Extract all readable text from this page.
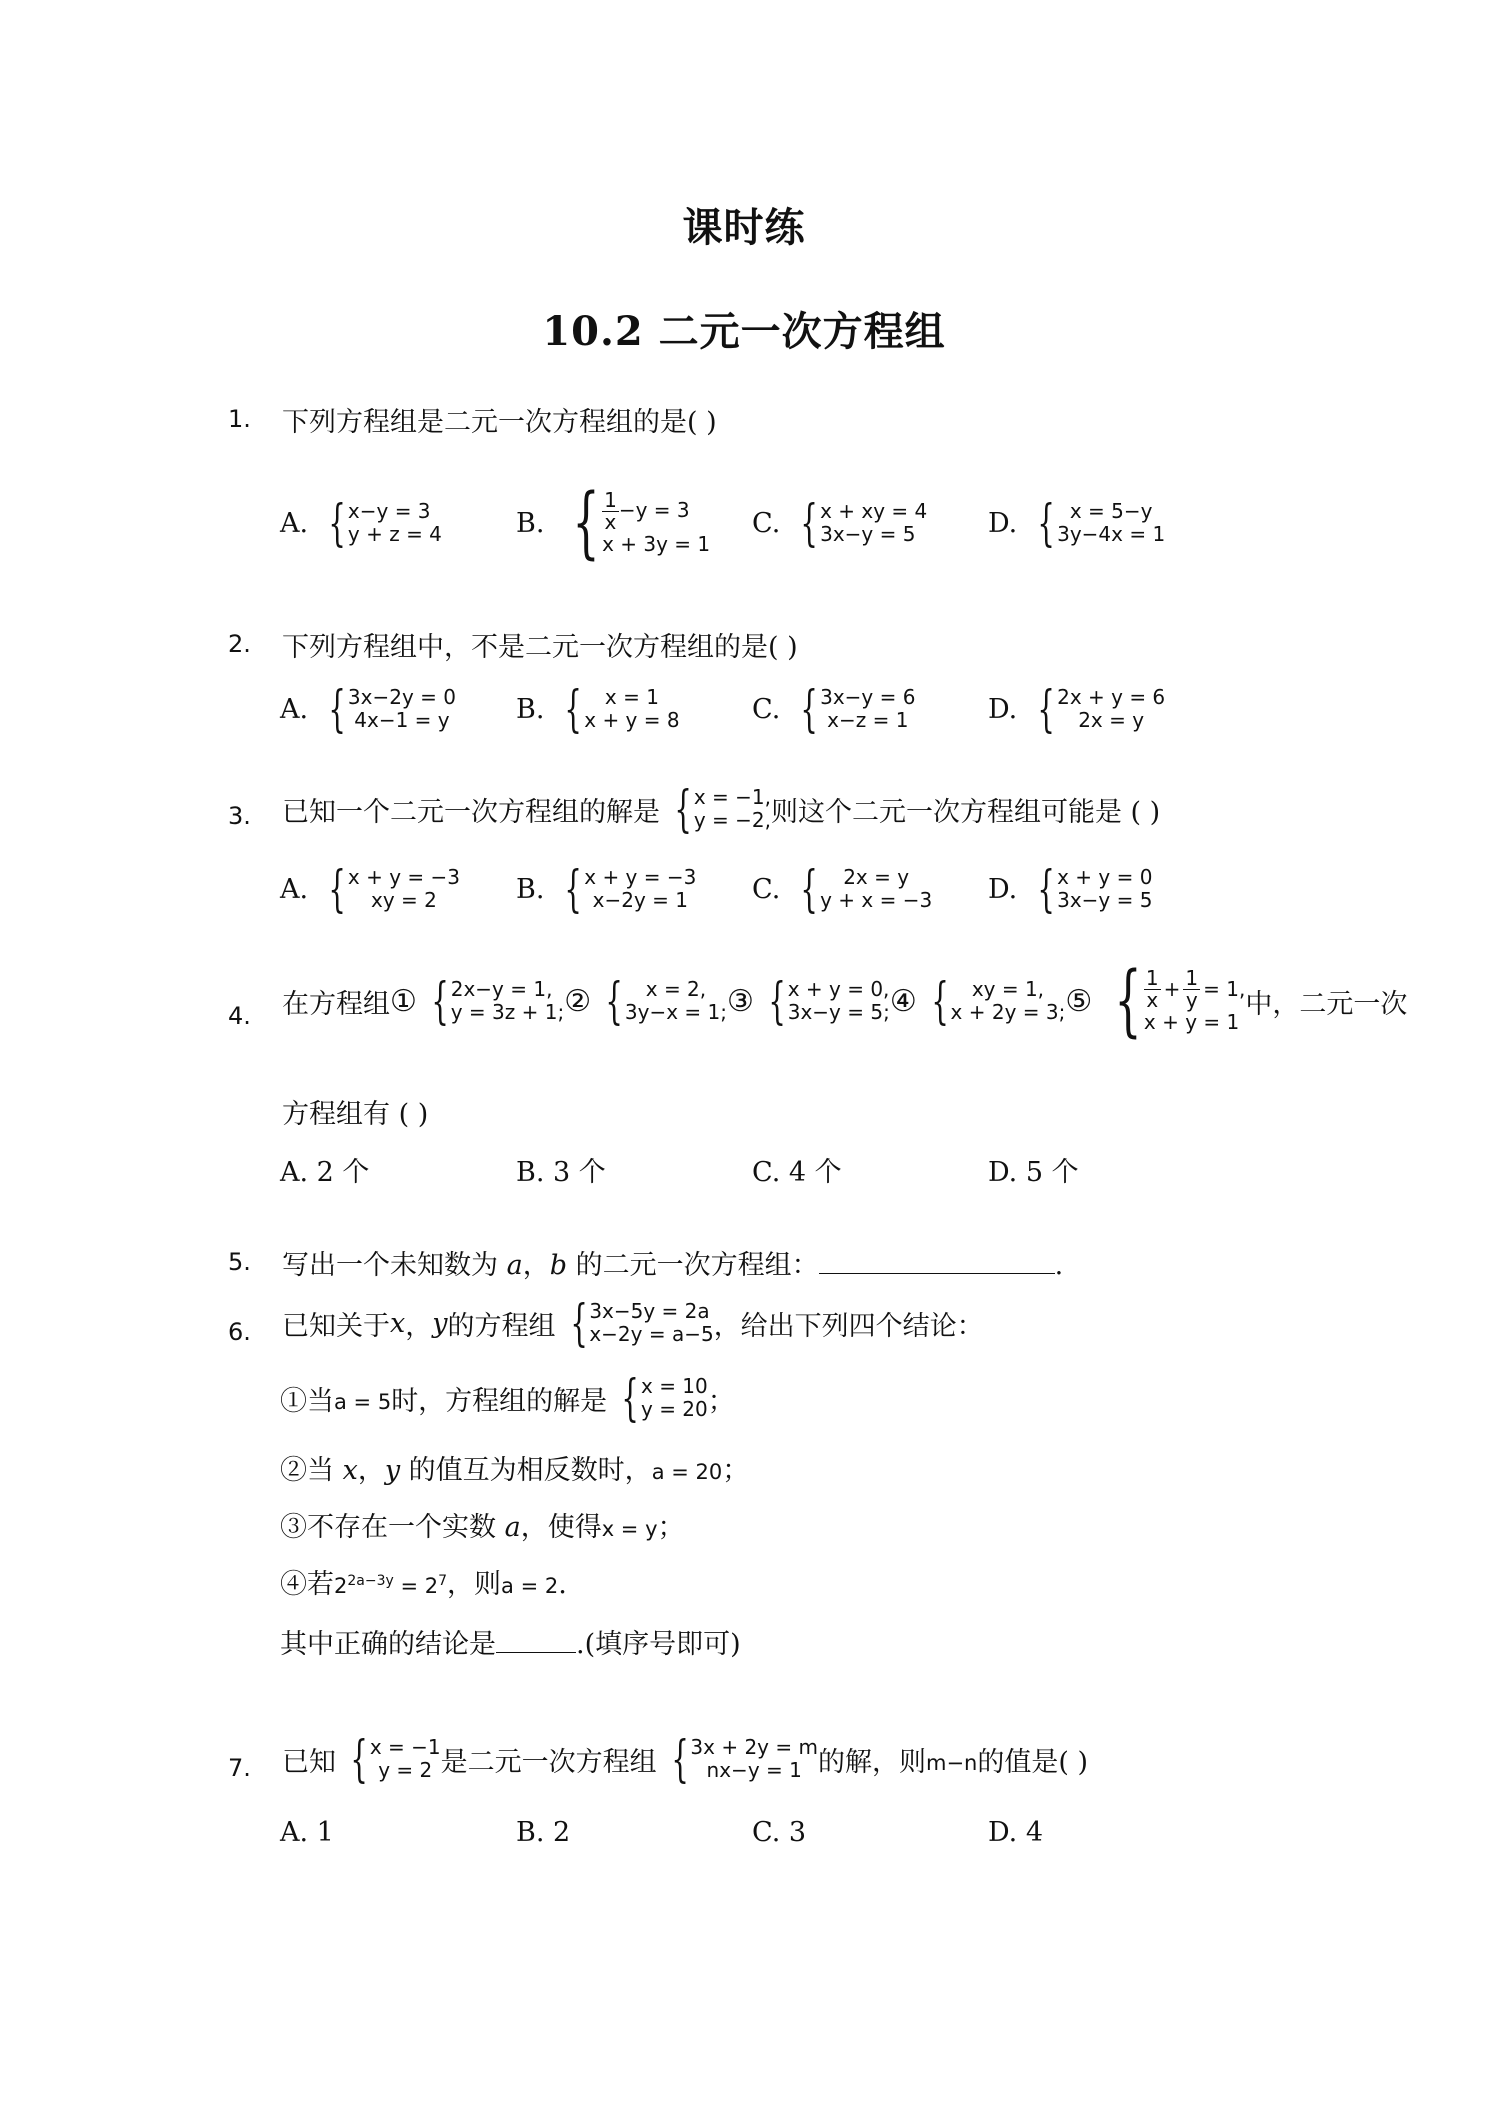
课时练
10.2 二元一次方程组
1. 下列方程组是二元一次方程组的是( )
A. { x−y = 3
y + z = 4	B. { $\frac{1}{x} -y = 3$
x + 3y = 1
C. { x + xy = 4
3x−y = 5	D. { x = 5−y
3y−4x = 1
2. 下列方程组中，不是二元一次方程组的是( )
A. { 3x−2y = 0
4x−1 = y B. { x = 1
x + y = 8	C. { 3x−y = 6
x−z = 1	D. { 2x + y = 6
2x = y
3. 已知一个二元一次方程组的解是 { x = −1,
y = −2, 则这个二元一次方程组可能是 ( )
A. { x + y = −3
xy = 2	B. { x + y = −3
x−2y = 1 C. { 2x = y
y + x = −3 D. { x + y = 0
3x−y = 5
4. 在方程组 ① { 2x−y = 1,
y = 3z + 1; ② { x = 2,
3y−x = 1; ③ { x + y = 0,
3x−y = 5; ④ { xy = 1,
x + 2y = 3; ⑤ { $\frac{1}{x} + \frac{1}{y} = 1$,
x + y = 1
中，二元一次
方程组有 ( )
A. 2 个	B. 3 个	C. 4 个	D. 5 个
5. 写出一个未知数为 a，b 的二元一次方程组：	.
6. 已知关于 x ， y 的方程组 { 3x−5y = 2a
x−2y = a−5 ，给出下列四个结论：
①当 a = 5 时，方程组的解是 { x = 10
y = 20 ；
②当 x，y 的值互为相反数时，a = 20；
③不存在一个实数 a，使得x = y；
④若$2^{2a-3y} = 2^7$，则a = 2.
其中正确的结论是	.(填序号即可)
7. 已知 { x = −1
y = 2 是二元一次方程组 { 3x + 2y = m
nx−y = 1 的解，则 m−n 的值是( )
A. 1	B. 2	C. 3	D. 4
